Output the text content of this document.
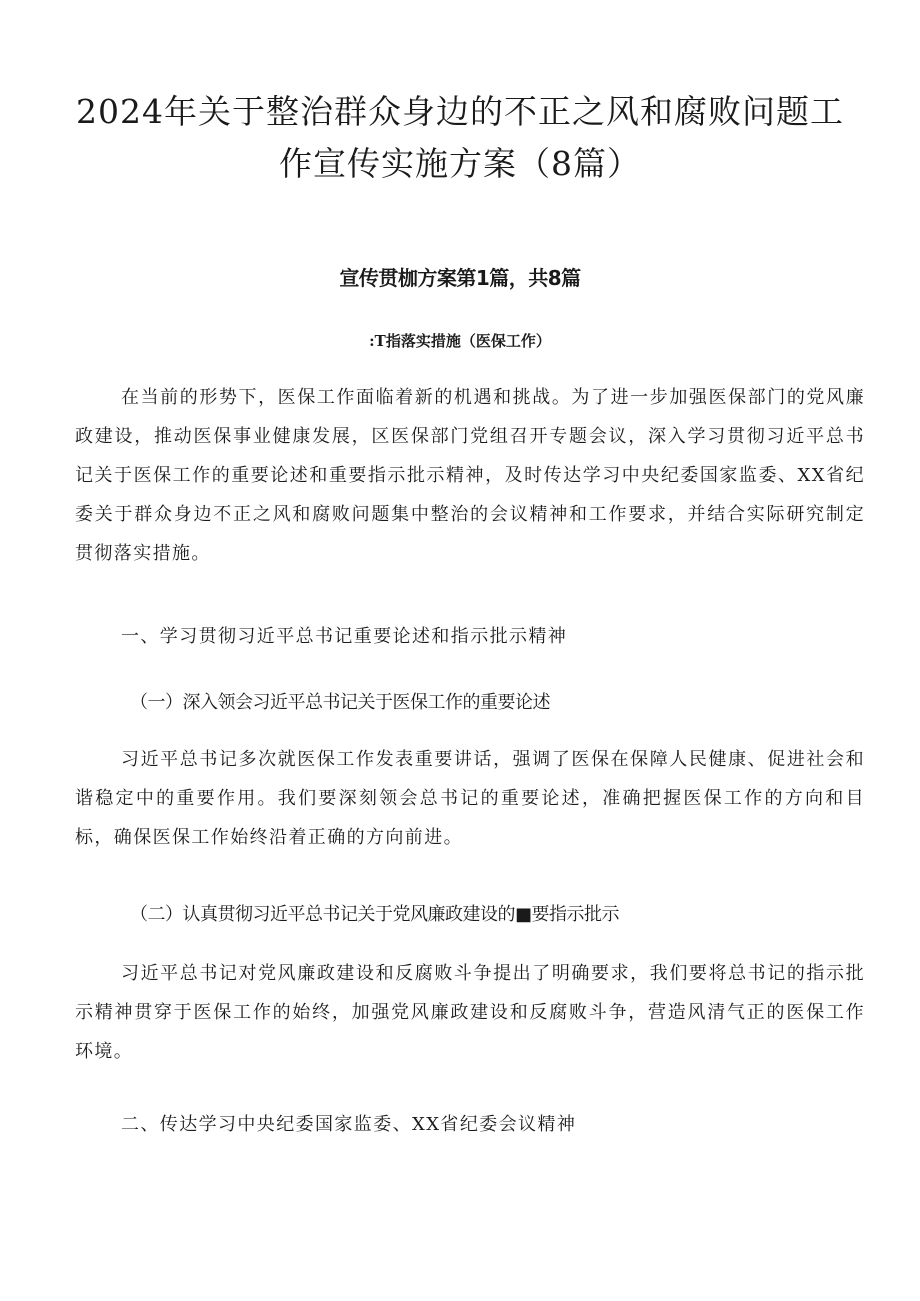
2024年关于整治群众身边的不正之风和腐败问题工作宣传实施方案（8篇）
宣传贯枷方案第1篇，共8篇
:T指落实措施（医保工作）

在当前的形势下，医保工作面临着新的机遇和挑战。为了进一步加强医保部门的党风廉政建设，推动医保事业健康发展，区医保部门党组召开专题会议，深入学习贯彻习近平总书记关于医保工作的重要论述和重要指示批示精神，及时传达学习中央纪委国家监委、XX省纪委关于群众身边不正之风和腐败问题集中整治的会议精神和工作要求，并结合实际研究制定贯彻落实措施。

一、学习贯彻习近平总书记重要论述和指示批示精神
（一）深入领会习近平总书记关于医保工作的重要论述

习近平总书记多次就医保工作发表重要讲话，强调了医保在保障人民健康、促进社会和谐稳定中的重要作用。我们要深刻领会总书记的重要论述，准确把握医保工作的方向和目标，确保医保工作始终沿着正确的方向前进。

（二）认真贯彻习近平总书记关于党风廉政建设的■要指示批示

习近平总书记对党风廉政建设和反腐败斗争提出了明确要求，我们要将总书记的指示批示精神贯穿于医保工作的始终，加强党风廉政建设和反腐败斗争，营造风清气正的医保工作环境。

二、传达学习中央纪委国家监委、XX省纪委会议精神
